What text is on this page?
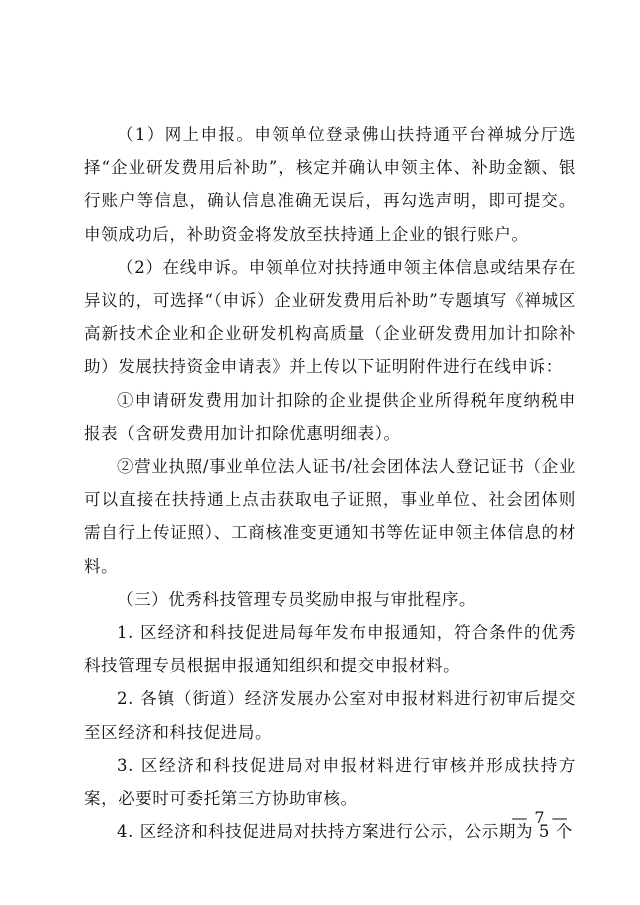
（1）网上申报。申领单位登录佛山扶持通平台禅城分厅选择“企业研发费用后补助”，核定并确认申领主体、补助金额、银行账户等信息，确认信息准确无误后，再勾选声明，即可提交。申领成功后，补助资金将发放至扶持通上企业的银行账户。

（2）在线申诉。申领单位对扶持通申领主体信息或结果存在异议的，可选择“（申诉）企业研发费用后补助”专题填写《禅城区高新技术企业和企业研发机构高质量（企业研发费用加计扣除补助）发展扶持资金申请表》并上传以下证明附件进行在线申诉：

①申请研发费用加计扣除的企业提供企业所得税年度纳税申报表（含研发费用加计扣除优惠明细表）。

②营业执照/事业单位法人证书/社会团体法人登记证书（企业可以直接在扶持通上点击获取电子证照，事业单位、社会团体则需自行上传证照）、工商核准变更通知书等佐证申领主体信息的材料。

（三）优秀科技管理专员奖励申报与审批程序。

1. 区经济和科技促进局每年发布申报通知，符合条件的优秀科技管理专员根据申报通知组织和提交申报材料。

2. 各镇（街道）经济发展办公室对申报材料进行初审后提交至区经济和科技促进局。

3. 区经济和科技促进局对申报材料进行审核并形成扶持方案，必要时可委托第三方协助审核。

4. 区经济和科技促进局对扶持方案进行公示，公示期为 5 个

— 7 —
